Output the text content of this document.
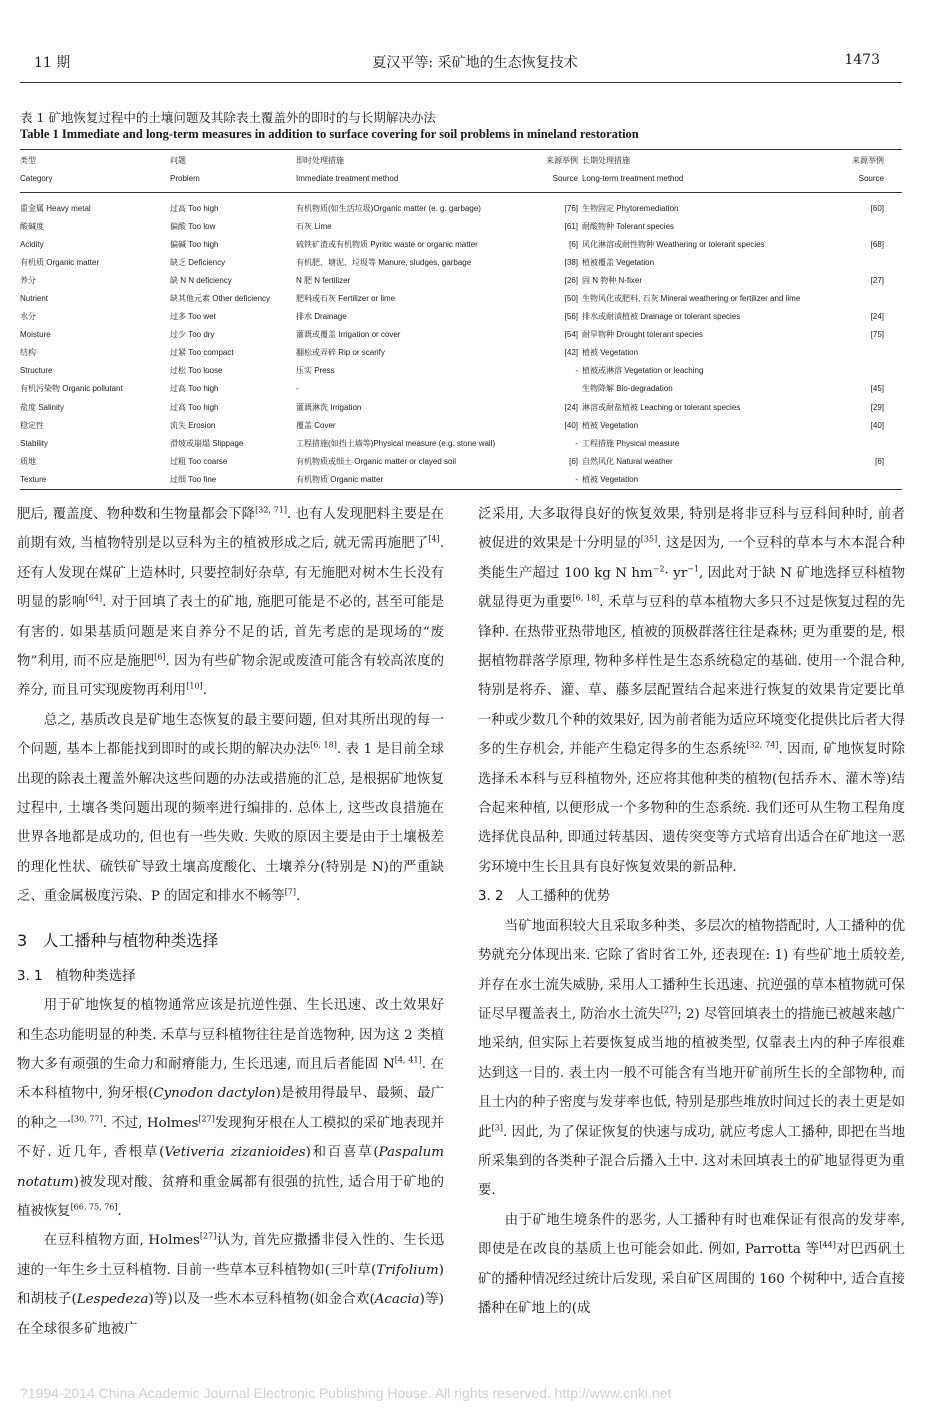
11 期	夏汉平等: 采矿地的生态恢复技术	1473
表 1 矿地恢复过程中的土壤问题及其除表土覆盖外的即时的与长期解决办法
Table 1 Immediate and long-term measures in addition to surface covering for soil problems in mineland restoration
类型	问题	即时处理措施	来源举例	长期处理措施	来源举例
Category	Problem	Immediate treatment method	Source	Long-term treatment method	Source
重金属 Heavy metal	过高 Too high	有机物质(如生活垃圾)Organic matter (e. g. garbage)	[76]	生物固定 Phytoremediation	[60]
酸碱度	偏酸 Too low	石灰 Lime	[61]	耐酸物种 Tolerant species	
Acidity	偏碱 Too high	硫铁矿渣或有机物质 Pyritic waste or organic matter	[6]	风化淋溶或耐性物种 Weathering or tolerant species	[68]
有机质 Organic matter	缺乏 Deficiency	有机肥、塘泥、垃圾等 Manure, sludges, garbage	[38]	植被覆盖 Vegetation	
养分	缺 N N deficiency	N 肥 N fertilizer	[26]	固 N 物种 N-fixer	[27]
Nutrient	缺其他元素 Other deficiency	肥料或石灰 Fertilizer or lime	[50]	生物风化或肥料, 石灰 Mineral weathering or fertilizer and lime	
水分	过多 Too wet	排水 Drainage	[56]	排水或耐渍植被 Drainage or tolerant species	[24]
Moisture	过少 Too dry	灌溉或覆盖 Irrigation or cover	[54]	耐旱物种 Drought tolerant species	[75]
结构	过紧 Too compact	翻松或弄碎 Rip or scarify	[42]	植被 Vegetation	
Structure	过松 Too loose	压实 Press	-	植被或淋溶 Vegetation or leaching	
有机污染物 Organic pollutant	过高 Too high	-		生物降解 Bio-degradation	[45]
盐度 Salinity	过高 Too high	灌溉淋洗 Irrigation	[24]	淋溶或耐盐植被 Leaching or tolerant species	[29]
稳定性	流失 Erosion	覆盖 Cover	[40]	植被 Vegetation	[40]
Stability	滑坡或崩塌 Slippage	工程措施(如挡土墙等)Physical measure (e.g. stone wall)	-	工程措施 Physical measure	
质地	过粗 Too coarse	有机物质或细土 Organic matter or clayed soil	[6]	自然风化 Natural weather	[6]
Texture	过细 Too fine	有机物质 Organic matter	-	植被 Vegetation	

肥后, 覆盖度、物种数和生物量都会下降[32, 71]. 也有人发现肥料主要是在前期有效, 当植物特别是以豆科为主的植被形成之后, 就无需再施肥了[4]. 还有人发现在煤矿上造林时, 只要控制好杂草, 有无施肥对树木生长没有明显的影响[64]. 对于回填了表土的矿地, 施肥可能是不必的, 甚至可能是有害的. 如果基质问题是来自养分不足的话, 首先考虑的是现场的“废物”利用, 而不应是施肥[6]. 因为有些矿物余泥或废渣可能含有较高浓度的养分, 而且可实现废物再利用[10].

总之, 基质改良是矿地生态恢复的最主要问题, 但对其所出现的每一个问题, 基本上都能找到即时的或长期的解决办法[6, 18]. 表 1 是目前全球出现的除表土覆盖外解决这些问题的办法或措施的汇总, 是根据矿地恢复过程中, 土壤各类问题出现的频率进行编排的. 总体上, 这些改良措施在世界各地都是成功的, 但也有一些失败. 失败的原因主要是由于土壤极差的理化性状、硫铁矿导致土壤高度酸化、土壤养分(特别是 N)的严重缺乏、重金属极度污染、P 的固定和排水不畅等[7].

3 人工播种与植物种类选择
3. 1 植物种类选择

用于矿地恢复的植物通常应该是抗逆性强、生长迅速、改土效果好和生态功能明显的种类. 禾草与豆科植物往往是首选物种, 因为这 2 类植物大多有顽强的生命力和耐瘠能力, 生长迅速, 而且后者能固 N[4, 41]. 在禾本科植物中, 狗牙根(Cynodon dactylon)是被用得最早、最频、最广的种之一[30, 77]. 不过, Holmes[27]发现狗牙根在人工模拟的采矿地表现并不好. 近几年, 香根草(Vetiveria zizanioides)和百喜草(Paspalum notatum)被发现对酸、贫瘠和重金属都有很强的抗性, 适合用于矿地的植被恢复[66, 75, 76].

在豆科植物方面, Holmes[27]认为, 首先应撒播非侵入性的、生长迅速的一年生乡土豆科植物. 目前一些草本豆科植物如(三叶草(Trifolium)和胡枝子(Lespedeza)等)以及一些木本豆科植物(如金合欢(Acacia)等)在全球很多矿地被广

泛采用, 大多取得良好的恢复效果, 特别是将非豆科与豆科间种时, 前者被促进的效果是十分明显的[35]. 这是因为, 一个豆科的草本与木本混合种类能生产超过 100 kg N $hm^{-2}\cdot yr^{-1}$, 因此对于缺 N 矿地选择豆科植物就显得更为重要[6, 18]. 禾草与豆科的草本植物大多只不过是恢复过程的先锋种. 在热带亚热带地区, 植被的顶极群落往往是森林; 更为重要的是, 根据植物群落学原理, 物种多样性是生态系统稳定的基础. 使用一个混合种, 特别是将乔、灌、草、藤多层配置结合起来进行恢复的效果肯定要比单一种或少数几个种的效果好, 因为前者能为适应环境变化提供比后者大得多的生存机会, 并能产生稳定得多的生态系统[32, 74]. 因而, 矿地恢复时除选择禾本科与豆科植物外, 还应将其他种类的植物(包括乔木、灌木等)结合起来种植, 以便形成一个多物种的生态系统. 我们还可从生物工程角度选择优良品种, 即通过转基因、遗传突变等方式培育出适合在矿地这一恶劣环境中生长且具有良好恢复效果的新品种.

3. 2 人工播种的优势

当矿地面积较大且采取多种类、多层次的植物搭配时, 人工播种的优势就充分体现出来. 它除了省时省工外, 还表现在: 1) 有些矿地土质较差, 并存在水土流失威胁, 采用人工播种生长迅速、抗逆强的草本植物就可保证尽早覆盖表土, 防治水土流失[27]; 2) 尽管回填表土的措施已被越来越广地采纳, 但实际上若要恢复成当地的植被类型, 仅靠表土内的种子库很难达到这一目的. 表土内一般不可能含有当地开矿前所生长的全部物种, 而且土内的种子密度与发芽率也低, 特别是那些堆放时间过长的表土更是如此[3]. 因此, 为了保证恢复的快速与成功, 就应考虑人工播种, 即把在当地所采集到的各类种子混合后播入土中. 这对未回填表土的矿地显得更为重要.

由于矿地生境条件的恶劣, 人工播种有时也难保证有很高的发芽率, 即使是在改良的基质上也可能会如此. 例如, Parrotta 等[44]对巴西矾土矿的播种情况经过统计后发现, 采自矿区周围的 160 个树种中, 适合直接播种在矿地上的(成

?1994-2014 China Academic Journal Electronic Publishing House. All rights reserved. http://www.cnki.net
